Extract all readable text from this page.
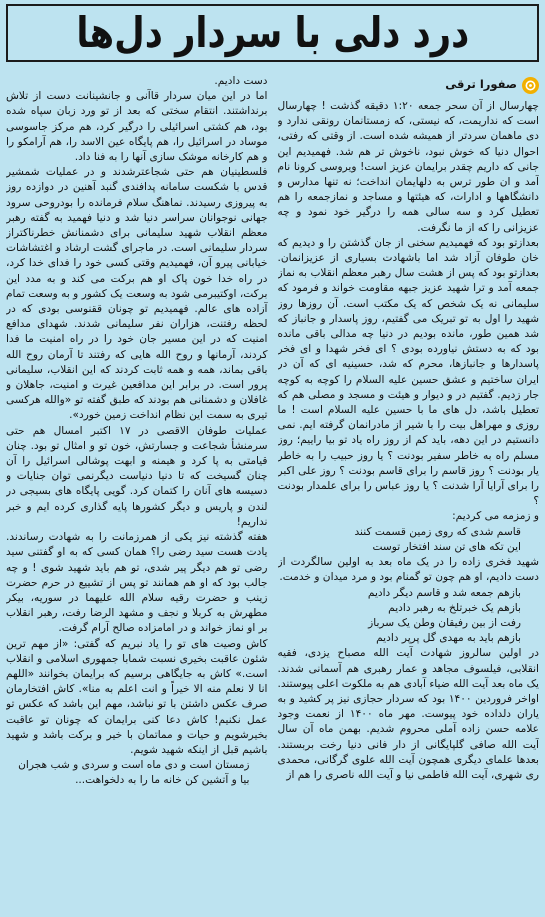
درد دلی با سردار دل‌ها
صفورا ترقی

چهارسال از آن سحر جمعه ۱:۲۰ دقیقه گذشت ! چهارسال است که نداریمت، که نیستی، که زمستانمان رونقی ندارد و دی ماهمان سردتر از همیشه شده است. از وقتی که رفتی، احوال دنیا که خوش نبود، ناخوش تر هم شد. فهمیدیم این جانی که داریم چقدر برایمان عزیز است! ویروسی کرونا نام آمد و ان طور ترس به دلهایمان انداخت؛ نه تنها مدارس و دانشگاهها و ادارات، که هیئتها و مساجد و نمازجمعه را هم تعطیل کرد و سه سالی همه را درگیر خود نمود و چه عزیزانی را که از ما نگرفت.

بعدازتو بود که فهمیدیم سخنی از جان گذشتن را و دیدیم که خان طوفان آزاد شد اما باشهادت بسیاری از عزیزانمان. بعدازتو بود که پس از هشت سال رهبر معظم انقلاب به نماز جمعه آمد و ترا شهید عزیز جبهه مقاومت خواند و فرمود که سلیمانی نه یک شخص که یک مکتب است. آن روزها روز شهید را اول به تو تبریک می گفتیم، روز پاسدار و جانباز که شد همین طور، مانده بودیم در دنیا چه مدالی باقی مانده بود که به دستش نیاورده بودی ؟ ای فخر شهدا و ای فخر پاسدارها و جانبازها، محرم که شد، حسینیه ای که آن در ایران ساختیم و عشق حسین علیه السلام را کوچه به کوچه جار زدیم. گفتیم در و دیوار و هیئت و مسجد و مصلی هم که تعطیل باشد، دل های ما با حسین علیه السلام است ! ما روزی و مهراهل بیت را با شیر از مادرانمان گرفته ایم. نمی دانستیم در این دهه، باید کم از روز راه یاد تو بیا راییم؛ روز مسلم راه به خاطر سفیر بودنت ؟ یا روز حبیب را به خاطر یار بودنت ؟ روز قاسم را برای قاسم بودنت ؟ روز علی اکبر را برای آرایا آرا شدنت ؟ یا روز عباس را برای علمدار بودنت ؟

و زمزمه می کردیم:

قاسم شدی که روی زمین قسمت کنند

این تکه های تن سند افتخار توست

شهید فخری زاده را در یک ماه بعد به اولین سالگردت از دست دادیم، او هم چون تو گمنام بود و مرد میدان و خدمت.

بازهم جمعه شد و قاسم دیگر دادیم

بازهم یک خبرتلخ به رهبر دادیم

رفت از بین رفیقان وطن یک سرباز

بازهم باید به مهدی گل پرپر دادیم

در اولین سالروز شهادت آیت الله مصباح یزدی، فقیه انقلابی، فیلسوف مجاهد و عمار رهبری هم آسمانی شدند. یک ماه بعد آیت الله ضیاء آبادی هم به ملکوت اعلی پیوستند. اواخر فروردین ۱۴۰۰ بود که سردار حجازی نیز پر کشید و به یاران دلداده خود پیوست. مهر ماه ۱۴۰۰ از نعمت وجود علامه حسن زاده آملی محروم شدیم. بهمن ماه آن سال آیت الله صافی گلپایگانی از دار فانی دنیا رخت بربستند. بعدها علمای دیگری همچون آیت الله علوی گرگانی، محمدی ری شهری، آیت الله فاطمی نیا و آیت الله ناصری را هم از

دست دادیم.

اما در این میان سردار قاآنی و جانشینانت دست از تلاش برنداشتند. انتقام سختی که بعد از تو ورد زبان سپاه شده بود، هم کشتی اسرائیلی را درگیر کرد، هم مرکز جاسوسی موساد در اسرائیل را، هم پایگاه عین الاسد را، هم آرامکو را و هم کارخانه موشک سازی آنها را به فنا داد.

فلسطینیان هم حتی شجاعترشدند و در عملیات شمشیر قدس با شکست سامانه پدافندی گنبد آهنین در دوازده روز به پیروزی رسیدند. نماهنگ سلام فرمانده را بودروحی سرود جهانی نوجوانان سراسر دنیا شد و دنیا فهمید به گفته رهبر معظم انقلاب شهید سلیمانی برای دشمنانش خطرناکتراز سردار سلیمانی است. در ماجرای گشت ارشاد و اغتشاشات خیابانی پیرو آن، فهمیدیم وقتی کسی خود را فدای خدا کرد، در راه خدا خون پاک او هم برکت می کند و به مدد این برکت، اوکتیبرمی شود به وسعت یک کشور و به وسعت تمام آزاده های عالم. فهمیدیم تو چونان ققنوسی بودی که در لحظه رفتنت، هزاران نفر سلیمانی شدند. شهدای مدافع امنیت که در این مسیر جان خود را در راه امنیت ما فدا کردند، آرمانها و روح الله هایی که رفتند تا آرمان روح الله باقی بماند، همه و همه ثابت کردند که این انقلاب، سلیمانی پرور است. در برابر این مدافعین غیرت و امنیت، جاهلان و غافلان و دشمنانی هم بودند که طبق گفته تو «والله هرکسی تیری به سمت این نظام انداخت زمین خورد».

عملیات طوفان الاقصی در ۱۷ اکتبر امسال هم حتی سرمنشأ شجاعت و جسارتش، خون تو و امثال تو بود. چنان قیامتی به پا کرد و هیمنه و ابهت پوشالی اسرائیل را آن چنان گسیخت که تا دنیا دنیاست دیگرنمی توان جنایات و دسیسه های آنان را کتمان کرد. گویی پایگاه های بسیجی در لندن و پاریس و دیگر کشورها پایه گذاری کرده ایم و خبر نداریم!

هفته گذشته نیز یکی از همرزمانت را به شهادت رساندند. یادت هست سید رضی را؟ همان کسی که به او گفتنی سید رضی تو هم دیگر پیر شدی، تو هم باید شهید شوی ! و چه جالب بود که او هم همانند تو پس از تشییع در حرم حضرت زینب و حضرت رقیه سلام الله علیهما در سوریه، بیکر مطهرش به کربلا و نجف و مشهد الرضا رفت، رهبر انقلاب بر او نماز خواند و در امامزاده صالح آرام گرفت.

کاش وصیت های تو را یاد نبریم که گفتی: «از مهم ترین شئون عاقبت بخیری نسبت شمابا جمهوری اسلامی و انقلاب است.» کاش به جایگاهی برسیم که برایمان بخوانند «اللهم انا لا نعلم منه الا خیراً و انت اعلم به منا». کاش افتخارمان صرف عکس داشتن با تو نباشد، مهم این باشد که عکس تو عمل نکنیم! کاش دعا کنی برایمان که چونان تو عاقبت بخیرشویم و حیات و مماتمان با خیر و برکت باشد و شهید باشیم قبل از اینکه شهید شویم.

زمستان است و دی ماه است و سردی و شب هجران

بیا و آتشین کن خانه ما را به دلخواهت...
